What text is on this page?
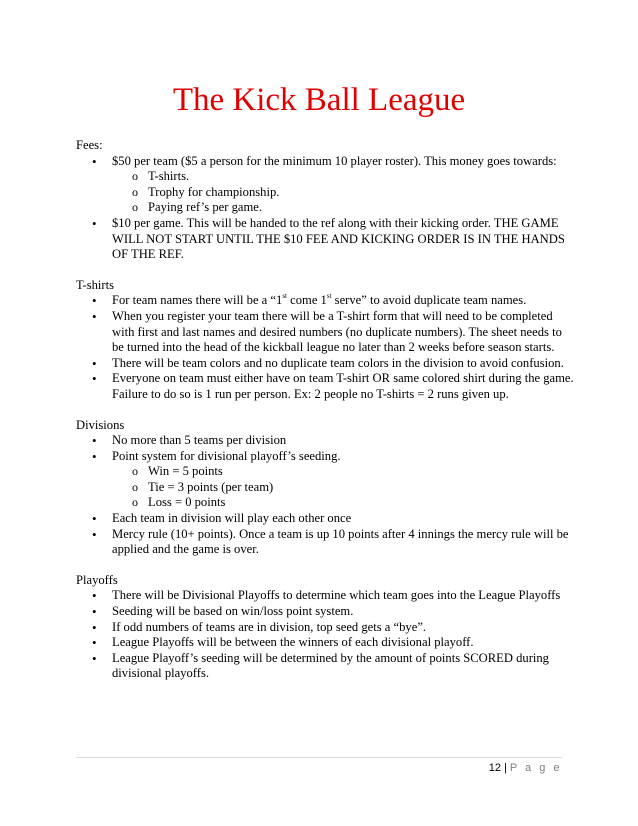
The Kick Ball League
Fees:
• $50 per team ($5 a person for the minimum 10 player roster). This money goes towards:
o T-shirts.
o Trophy for championship.
o Paying ref’s per game.
• $10 per game. This will be handed to the ref along with their kicking order. THE GAME WILL NOT START UNTIL THE $10 FEE AND KICKING ORDER IS IN THE HANDS OF THE REF.
T-shirts
• For team names there will be a “1st come 1st serve” to avoid duplicate team names.
• When you register your team there will be a T-shirt form that will need to be completed with first and last names and desired numbers (no duplicate numbers). The sheet needs to be turned into the head of the kickball league no later than 2 weeks before season starts.
• There will be team colors and no duplicate team colors in the division to avoid confusion.
• Everyone on team must either have on team T-shirt OR same colored shirt during the game. Failure to do so is 1 run per person. Ex: 2 people no T-shirts = 2 runs given up.
Divisions
• No more than 5 teams per division
• Point system for divisional playoff’s seeding.
o Win = 5 points
o Tie = 3 points (per team)
o Loss = 0 points
• Each team in division will play each other once
• Mercy rule (10+ points). Once a team is up 10 points after 4 innings the mercy rule will be applied and the game is over.
Playoffs
• There will be Divisional Playoffs to determine which team goes into the League Playoffs
• Seeding will be based on win/loss point system.
• If odd numbers of teams are in division, top seed gets a “bye”.
• League Playoffs will be between the winners of each divisional playoff.
• League Playoff’s seeding will be determined by the amount of points SCORED during divisional playoffs.
12 | P a g e
